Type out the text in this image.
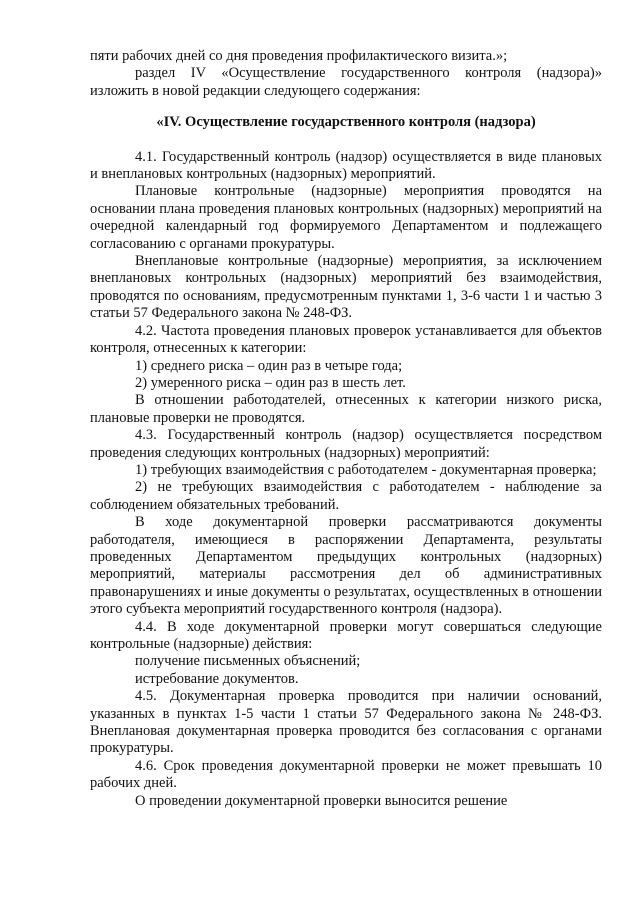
пяти рабочих дней со дня проведения профилактического визита.»;

раздел IV «Осуществление государственного контроля (надзора)» изложить в новой редакции следующего содержания:

«IV. Осуществление государственного контроля (надзора)

4.1. Государственный контроль (надзор) осуществляется в виде плановых и внеплановых контрольных (надзорных) мероприятий.

Плановые контрольные (надзорные) мероприятия проводятся на основании плана проведения плановых контрольных (надзорных) мероприятий на очередной календарный год формируемого Департаментом и подлежащего согласованию с органами прокуратуры.

Внеплановые контрольные (надзорные) мероприятия, за исключением внеплановых контрольных (надзорных) мероприятий без взаимодействия, проводятся по основаниям, предусмотренным пунктами 1, 3-6 части 1 и частью 3 статьи 57 Федерального закона № 248-ФЗ.

4.2. Частота проведения плановых проверок устанавливается для объектов контроля, отнесенных к категории:

1) среднего риска – один раз в четыре года;

2) умеренного риска – один раз в шесть лет.

В отношении работодателей, отнесенных к категории низкого риска, плановые проверки не проводятся.

4.3. Государственный контроль (надзор) осуществляется посредством проведения следующих контрольных (надзорных) мероприятий:

1) требующих взаимодействия с работодателем - документарная проверка;

2) не требующих взаимодействия с работодателем - наблюдение за соблюдением обязательных требований.

В ходе документарной проверки рассматриваются документы работодателя, имеющиеся в распоряжении Департамента, результаты проведенных Департаментом предыдущих контрольных (надзорных) мероприятий, материалы рассмотрения дел об административных правонарушениях и иные документы о результатах, осуществленных в отношении этого субъекта мероприятий государственного контроля (надзора).

4.4. В ходе документарной проверки могут совершаться следующие контрольные (надзорные) действия:

получение письменных объяснений;

истребование документов.

4.5. Документарная проверка проводится при наличии оснований, указанных в пунктах 1-5 части 1 статьи 57 Федерального закона № 248-ФЗ. Внеплановая документарная проверка проводится без согласования с органами прокуратуры.

4.6. Срок проведения документарной проверки не может превышать 10 рабочих дней.

О проведении документарной проверки выносится решение
